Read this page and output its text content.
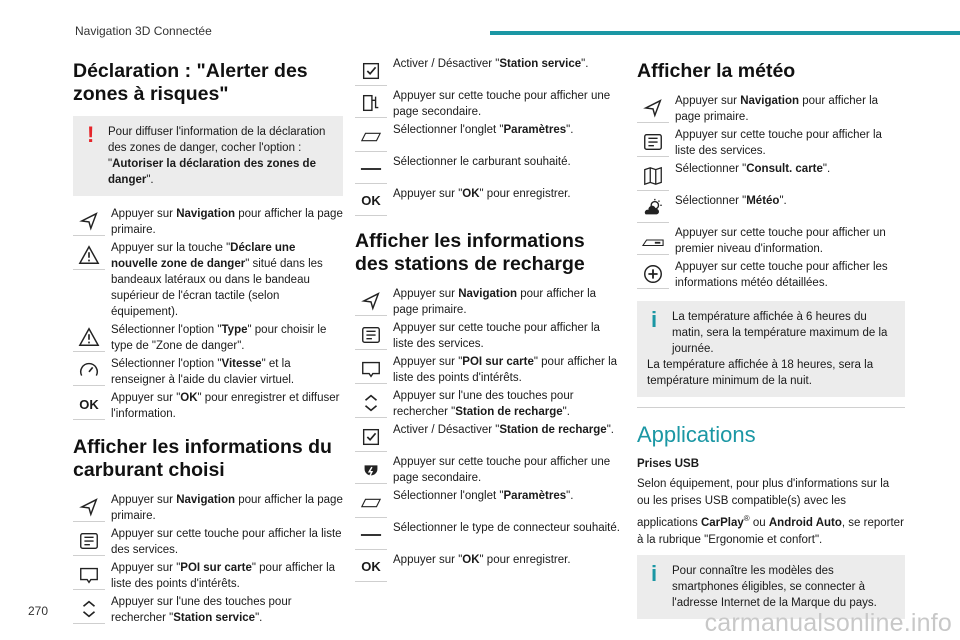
Navigation 3D Connectée
Déclaration : "Alerter des zones à risques"
!	Pour diffuser l'information de la déclaration des zones de danger, cocher l'option : "Autoriser la déclaration des zones de danger".
Appuyer sur Navigation pour afficher la page primaire.
Appuyer sur la touche "Déclare une nouvelle zone de danger" situé dans les bandeaux latéraux ou dans le bandeau supérieur de l'écran tactile (selon équipement).
Sélectionner l'option "Type" pour choisir le type de "Zone de danger".
Sélectionner l'option "Vitesse" et la renseigner à l'aide du clavier virtuel.
OK Appuyer sur "OK" pour enregistrer et diffuser l'information.
Afficher les informations du carburant choisi
Appuyer sur Navigation pour afficher la page primaire.
Appuyer sur cette touche pour afficher la liste des services.
Appuyer sur "POI sur carte" pour afficher la liste des points d'intérêts.
Appuyer sur l'une des touches pour rechercher "Station service".
Activer / Désactiver "Station service".
Appuyer sur cette touche pour afficher une page secondaire.
Sélectionner l'onglet "Paramètres".
Sélectionner le carburant souhaité.
OK Appuyer sur "OK" pour enregistrer.
Afficher les informations des stations de recharge
Appuyer sur Navigation pour afficher la page primaire.
Appuyer sur cette touche pour afficher la liste des services.
Appuyer sur "POI sur carte" pour afficher la liste des points d'intérêts.
Appuyer sur l'une des touches pour rechercher "Station de recharge".
Activer / Désactiver "Station de recharge".
Appuyer sur cette touche pour afficher une page secondaire.
Sélectionner l'onglet "Paramètres".
Sélectionner le type de connecteur souhaité.
OK Appuyer sur "OK" pour enregistrer.
Afficher la météo
Appuyer sur Navigation pour afficher la page primaire.
Appuyer sur cette touche pour afficher la liste des services.
Sélectionner "Consult. carte".
Sélectionner "Météo".
Appuyer sur cette touche pour afficher un premier niveau d'information.
Appuyer sur cette touche pour afficher les informations météo détaillées.
i	La température affichée à 6 heures du matin, sera la température maximum de la journée.
La température affichée à 18 heures, sera la température minimum de la nuit.
Applications
Prises USB
Selon équipement, pour plus d'informations sur la ou les prises USB compatible(s) avec les applications CarPlay® ou Android Auto, se reporter à la rubrique "Ergonomie et confort".
i	Pour connaître les modèles des smartphones éligibles, se connecter à l'adresse Internet de la Marque du pays.
270	carmanualsonline.info
